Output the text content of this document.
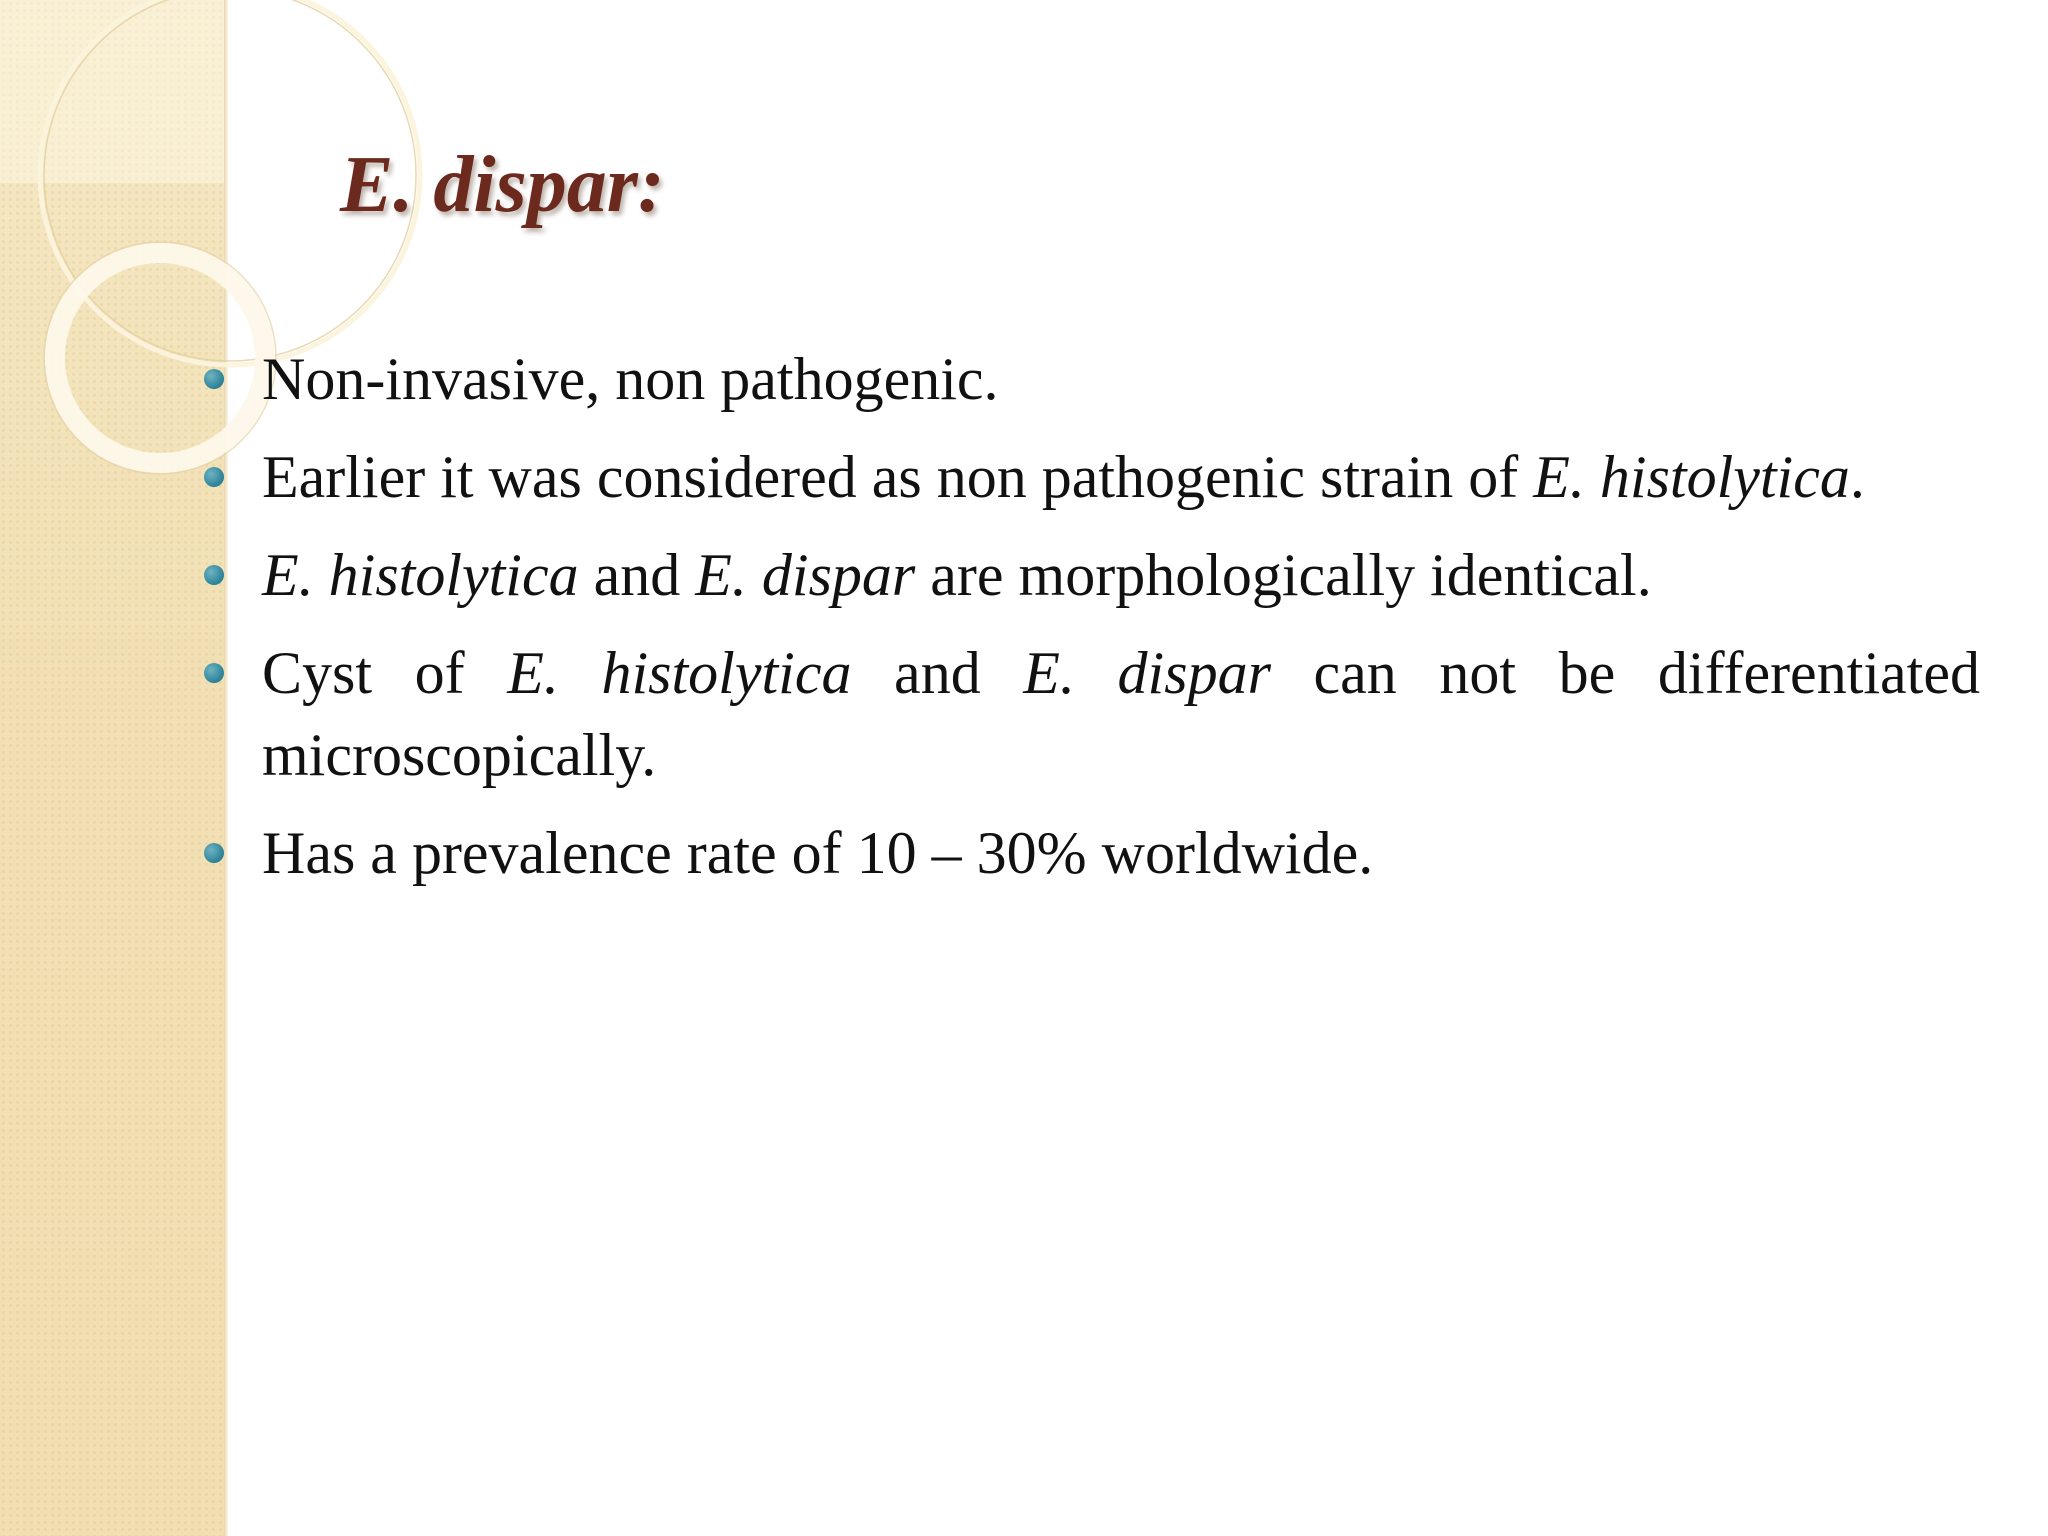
E. dispar:
Non-invasive, non pathogenic.
Earlier it was considered as non pathogenic strain of E. histolytica.
E. histolytica and E. dispar are morphologically identical.
Cyst of E. histolytica and E. dispar can not be differentiated microscopically.
Has a prevalence rate of 10 – 30% worldwide.
